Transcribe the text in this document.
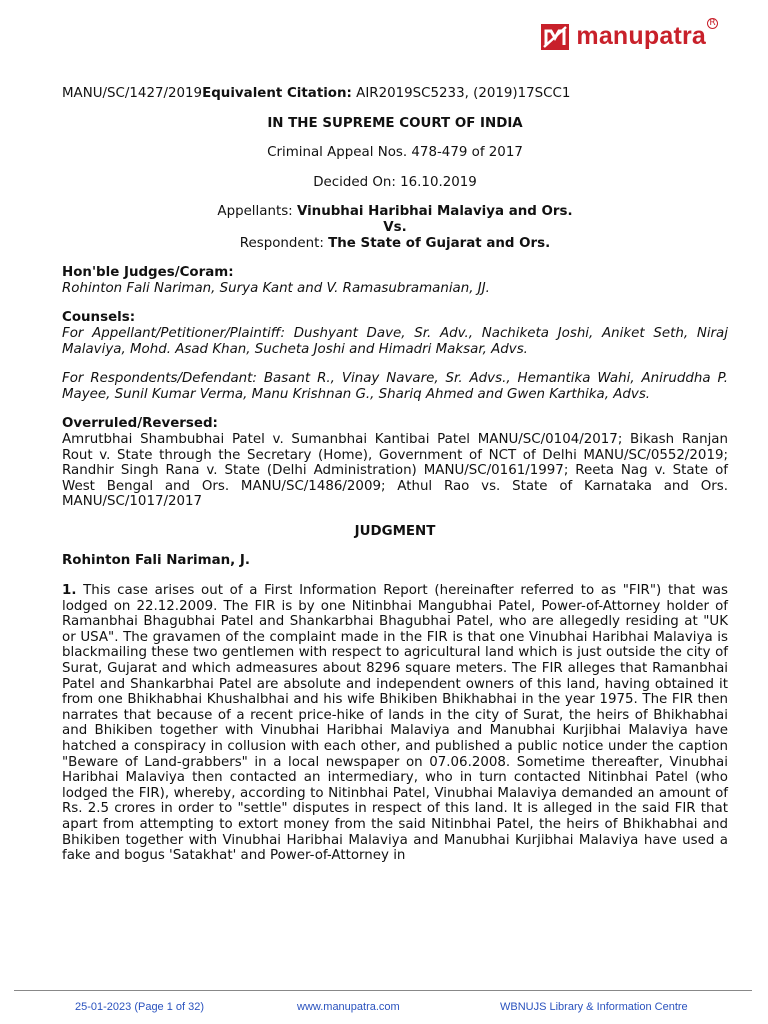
manupatra R
MANU/SC/1427/2019Equivalent Citation: AIR2019SC5233, (2019)17SCC1
IN THE SUPREME COURT OF INDIA
Criminal Appeal Nos. 478-479 of 2017
Decided On: 16.10.2019
Appellants: Vinubhai Haribhai Malaviya and Ors.
Vs.
Respondent: The State of Gujarat and Ors.
Hon'ble Judges/Coram:
Rohinton Fali Nariman, Surya Kant and V. Ramasubramanian, JJ.
Counsels:
For Appellant/Petitioner/Plaintiff: Dushyant Dave, Sr. Adv., Nachiketa Joshi, Aniket Seth, Niraj Malaviya, Mohd. Asad Khan, Sucheta Joshi and Himadri Maksar, Advs.
For Respondents/Defendant: Basant R., Vinay Navare, Sr. Advs., Hemantika Wahi, Aniruddha P. Mayee, Sunil Kumar Verma, Manu Krishnan G., Shariq Ahmed and Gwen Karthika, Advs.
Overruled/Reversed:
Amrutbhai Shambubhai Patel v. Sumanbhai Kantibai Patel MANU/SC/0104/2017; Bikash Ranjan Rout v. State through the Secretary (Home), Government of NCT of Delhi MANU/SC/0552/2019; Randhir Singh Rana v. State (Delhi Administration) MANU/SC/0161/1997; Reeta Nag v. State of West Bengal and Ors. MANU/SC/1486/2009; Athul Rao vs. State of Karnataka and Ors. MANU/SC/1017/2017
JUDGMENT
Rohinton Fali Nariman, J.
1. This case arises out of a First Information Report (hereinafter referred to as "FIR") that was lodged on 22.12.2009. The FIR is by one Nitinbhai Mangubhai Patel, Power-of-Attorney holder of Ramanbhai Bhagubhai Patel and Shankarbhai Bhagubhai Patel, who are allegedly residing at "UK or USA". The gravamen of the complaint made in the FIR is that one Vinubhai Haribhai Malaviya is blackmailing these two gentlemen with respect to agricultural land which is just outside the city of Surat, Gujarat and which admeasures about 8296 square meters. The FIR alleges that Ramanbhai Patel and Shankarbhai Patel are absolute and independent owners of this land, having obtained it from one Bhikhabhai Khushalbhai and his wife Bhikiben Bhikhabhai in the year 1975. The FIR then narrates that because of a recent price-hike of lands in the city of Surat, the heirs of Bhikhabhai and Bhikiben together with Vinubhai Haribhai Malaviya and Manubhai Kurjibhai Malaviya have hatched a conspiracy in collusion with each other, and published a public notice under the caption "Beware of Land-grabbers" in a local newspaper on 07.06.2008. Sometime thereafter, Vinubhai Haribhai Malaviya then contacted an intermediary, who in turn contacted Nitinbhai Patel (who lodged the FIR), whereby, according to Nitinbhai Patel, Vinubhai Malaviya demanded an amount of Rs. 2.5 crores in order to "settle" disputes in respect of this land. It is alleged in the said FIR that apart from attempting to extort money from the said Nitinbhai Patel, the heirs of Bhikhabhai and Bhikiben together with Vinubhai Haribhai Malaviya and Manubhai Kurjibhai Malaviya have used a fake and bogus 'Satakhat' and Power-of-Attorney in
25-01-2023 (Page 1 of 32)	www.manupatra.com	WBNUJS Library & Information Centre
